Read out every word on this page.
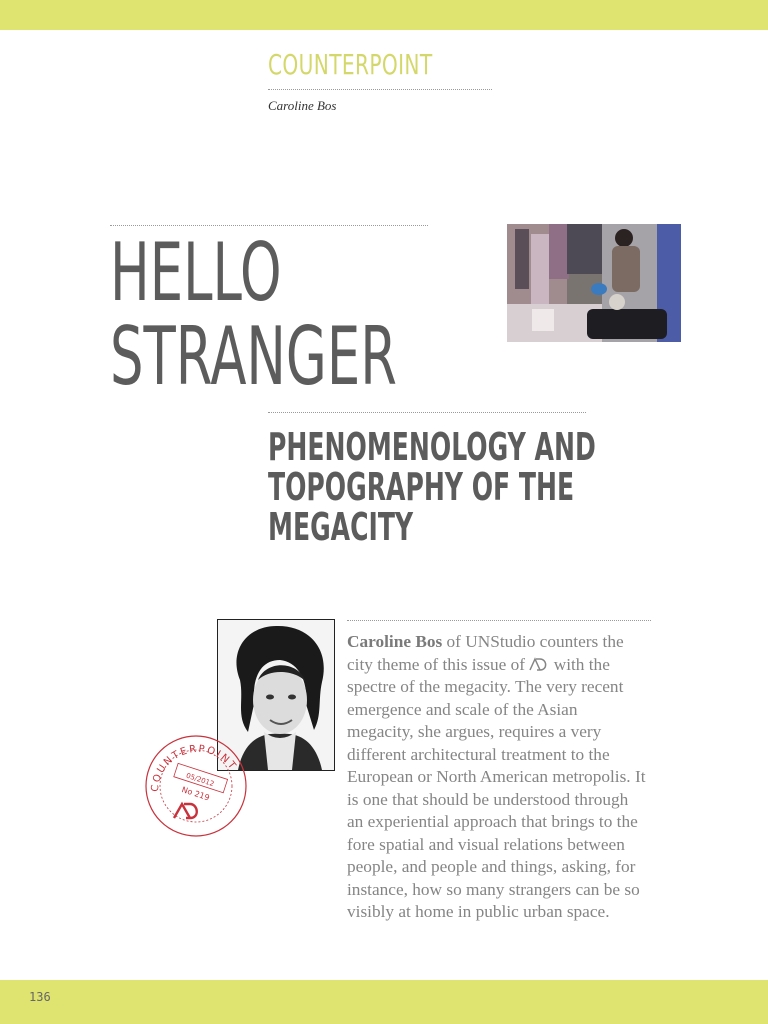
COUNTERPOINT
Caroline Bos
HELLO
STRANGER
PHENOMENOLOGY AND
TOPOGRAPHY OF THE
MEGACITY
COUNTERPOINT
05/2012
No 219
Caroline Bos of UNStudio counters the city theme of this issue of  with the spectre of the megacity. The very recent emergence and scale of the Asian megacity, she argues, requires a very different architectural treatment to the European or North American metropolis. It is one that should be understood through an experiential approach that brings to the fore spatial and visual relations between people, and people and things, asking, for instance, how so many strangers can be so visibly at home in public urban space.
136
